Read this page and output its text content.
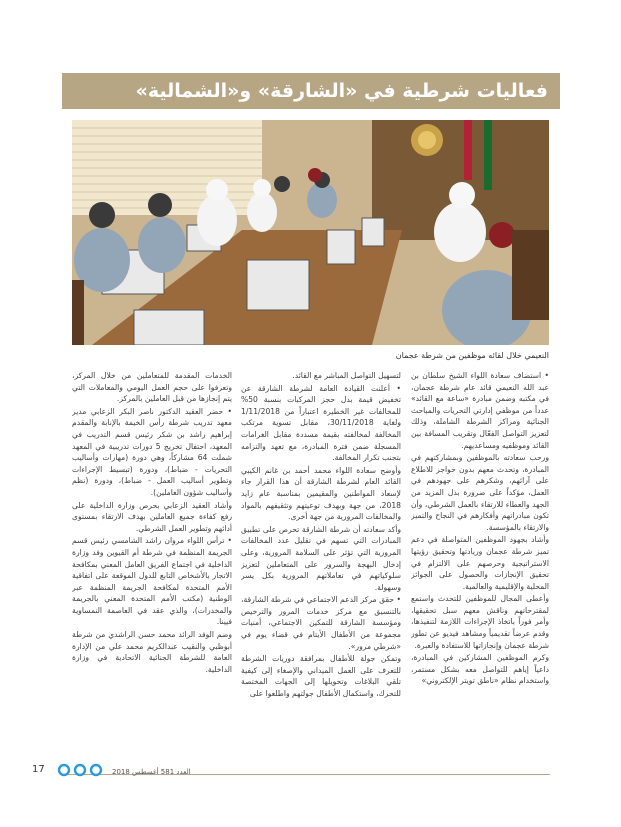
فعاليات شرطية في «الشارقة» و«الشمالية»
النعيمي خلال لقائه موظفين من شرطة عجمان

• استضاف سعادة اللواء الشيخ سلطان بن عبد الله النعيمي قائد عام شرطة عجمان، في مكتبه وضمن مبادرة «ساعة مع القائد» عدداً من موظفي إدارتي التحريات والمباحث الجنائية ومراكز الشرطة الشاملة، وذلك لتعزيز التواصل الفعّال وتقريب المسافة بين القائد وموظفيه ومساعديهم.

ورحب سعادته بالموظفين وبمشاركتهم في المبادرة، وتحدث معهم بدون حواجز للاطلاع على آرائهم، وشكرهم على جهودهم في العمل، مؤكداً على ضرورة بذل المزيد من الجهد والعطاء للارتقاء بالعمل الشرطي، وأن تكون مبادراتهم وأفكارهم في النجاح والتميز والارتقاء بالمؤسسة.

وأشاد بجهود الموظفين المتواصلة في دعم تميز شرطة عجمان وريادتها وتحقيق رؤيتها الاستراتيجية وحرصهم على الالتزام في تحقيق الإنجازات والحصول على الجوائز المحلية والإقليمية والعالمية.

وأعطى المجال للموظفين للتحدث واستمع لمقترحاتهم وناقش معهم سبل تحقيقها، وأمر فوراً باتخاذ الإجراءات اللازمة لتنفيذها، وقدم عرضاً تقديمياً ومشاهد فيديو عن تطور شرطة عجمان وإنجازاتها للاستفادة والعبرة.

وكرم الموظفين المشاركين في المبادرة، داعياً إياهم للتواصل معه بشكل مستمر، واستخدام نظام «ناطق تويتر الإلكتروني»

لتسهيل التواصل المباشر مع القائد.

• أعلنت القيادة العامة لشرطة الشارقة عن تخفيض قيمة بدل حجز المركبات بنسبة 50% للمخالفات غير الخطيرة اعتباراً من 1/11/2018 ولغاية 30/11/2018، مقابل تسوية مرتكب المخالفة لمخالفته بقيمة مسددة مقابل الغرامات المسجلة ضمن فترة المبادرة، مع تعهد والتزامه بتجنب تكرار المخالفة.

وأوضح سعادة اللواء محمد أحمد بن غانم الكيبي القائد العام لشرطة الشارقة أن هذا القرار جاء لإسعاد المواطنين والمقيمين بمناسبة عام زايد 2018، من جهة وبهدف توعيتهم وتثقيفهم بالمواد والمخالفات المرورية من جهة أخرى.

وأكد سعادته أن شرطة الشارقة تحرص على تطبيق المبادرات التي تسهم في تقليل عدد المخالفات المرورية التي تؤثر على السلامة المرورية، وعلى إدخال البهجة والسرور على المتعاملين لتعزيز سلوكياتهم في تعاملاتهم المرورية بكل يسر وسهولة.

• حقق مركز الدعم الاجتماعي في شرطة الشارقة، بالتنسيق مع مركز خدمات المرور والترخيص ومؤسسة الشارقة للتمكين الاجتماعي، أمنيات مجموعة من الأطفال الأيتام في قضاء يوم في «شرطي مرور».

وتمكن جولة للأطفال بمرافقة دوريات الشرطة للتعرف على العمل الميداني والإصغاء إلى كيفية تلقي البلاغات وتحويلها إلى الجهات المختصة للتحرك، واستكمال الأطفال جولتهم واطلعوا على

الخدمات المقدمة للمتعاملين من خلال المركز، وتعرفوا على حجم العمل اليومي والمعاملات التي يتم إنجازها من قبل العاملين بالمركز.

• حضر العقيد الدكتور ناصر البكر الزعابي مدير معهد تدريب شرطة رأس الخيمة بالإنابة والمقدم إبراهيم راشد بن شكر رئيس قسم التدريب في المعهد، احتفال تخريج 5 دورات تدريبية في المعهد شملت 64 مشاركاً، وهي دورة (مهارات وأساليب التحريات - ضباط)، ودورة (تبسيط الإجراءات وتطوير أساليب العمل - ضباط)، ودورة (نظم وأساليب شؤون العاملين).

وأشاد العقيد الزعابي بحرص وزارة الداخلية على رفع كفاءة جميع العاملين بهدف الارتقاء بمستوى أدائهم وتطوير العمل الشرطي.

• ترأس اللواء مروان راشد الشامسي رئيس قسم الجريمة المنظمة في شرطة أم القيوين وفد وزارة الداخلية في اجتماع الفريق العامل المعني بمكافحة الاتجار بالأشخاص التابع للدول الموقعة على اتفاقية الأمم المتحدة لمكافحة الجريمة المنظمة عبر الوطنية (مكتب الأمم المتحدة المعني بالجريمة والمخدرات)، والذي عقد في العاصمة النمساوية فيينا.

وضم الوفد الرائد محمد حسن الراشدي من شرطة أبوظبي والنقيب عبدالكريم محمد علي من الإدارة العامة للشرطة الجنائية الاتحادية في وزارة الداخلية.

17	العدد 581 أغسطس 2018
